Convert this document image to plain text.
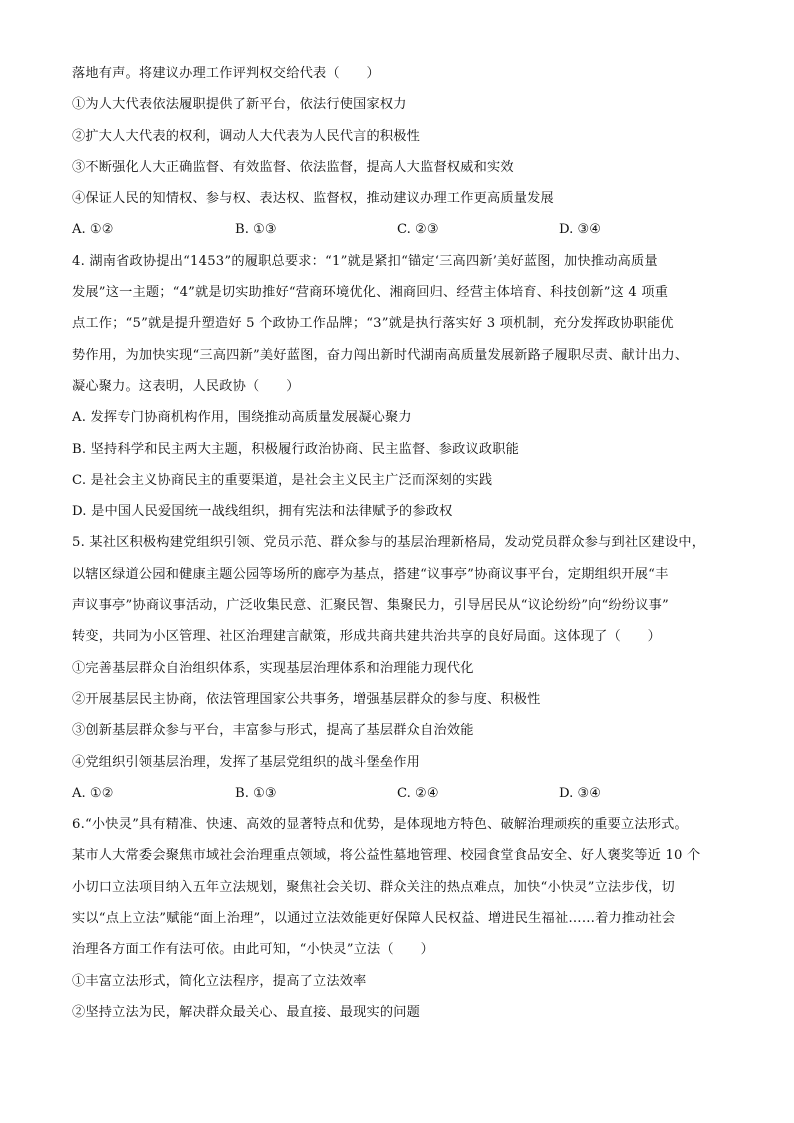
落地有声。将建议办理工作评判权交给代表（　　）
①为人大代表依法履职提供了新平台，依法行使国家权力
②扩大人大代表的权利，调动人大代表为人民代言的积极性
③不断强化人大正确监督、有效监督、依法监督，提高人大监督权威和实效
④保证人民的知情权、参与权、表达权、监督权，推动建议办理工作更高质量发展
A. ①②	B. ①③	C. ②③	D. ③④
4. 湖南省政协提出“1453”的履职总要求：“1”就是紧扣“锚定‘三高四新’美好蓝图，加快推动高质量
发展”这一主题；“4”就是切实助推好“营商环境优化、湘商回归、经营主体培育、科技创新”这 4 项重
点工作；“5”就是提升塑造好 5 个政协工作品牌；“3”就是执行落实好 3 项机制，充分发挥政协职能优
势作用，为加快实现“三高四新”美好蓝图，奋力闯出新时代湖南高质量发展新路子履职尽责、献计出力、
凝心聚力。这表明，人民政协（　　）
A. 发挥专门协商机构作用，围绕推动高质量发展凝心聚力
B. 坚持科学和民主两大主题，积极履行政治协商、民主监督、参政议政职能
C. 是社会主义协商民主的重要渠道，是社会主义民主广泛而深刻的实践
D. 是中国人民爱国统一战线组织，拥有宪法和法律赋予的参政权
5. 某社区积极构建党组织引领、党员示范、群众参与的基层治理新格局，发动党员群众参与到社区建设中，
以辖区绿道公园和健康主题公园等场所的廊亭为基点，搭建“议事亭”协商议事平台，定期组织开展“丰
声议事亭”协商议事活动，广泛收集民意、汇聚民智、集聚民力，引导居民从“议论纷纷”向“纷纷议事”
转变，共同为小区管理、社区治理建言献策，形成共商共建共治共享的良好局面。这体现了（　　）
①完善基层群众自治组织体系，实现基层治理体系和治理能力现代化
②开展基层民主协商，依法管理国家公共事务，增强基层群众的参与度、积极性
③创新基层群众参与平台，丰富参与形式，提高了基层群众自治效能
④党组织引领基层治理，发挥了基层党组织的战斗堡垒作用
A. ①②	B. ①③	C. ②④	D. ③④
6.“小快灵”具有精准、快速、高效的显著特点和优势，是体现地方特色、破解治理顽疾的重要立法形式。
某市人大常委会聚焦市域社会治理重点领域，将公益性墓地管理、校园食堂食品安全、好人褒奖等近 10 个
小切口立法项目纳入五年立法规划，聚焦社会关切、群众关注的热点难点，加快“小快灵”立法步伐，切
实以“点上立法”赋能“面上治理”，以通过立法效能更好保障人民权益、增进民生福祉……着力推动社会
治理各方面工作有法可依。由此可知，“小快灵”立法（　　）
①丰富立法形式，简化立法程序，提高了立法效率
②坚持立法为民，解决群众最关心、最直接、最现实的问题
